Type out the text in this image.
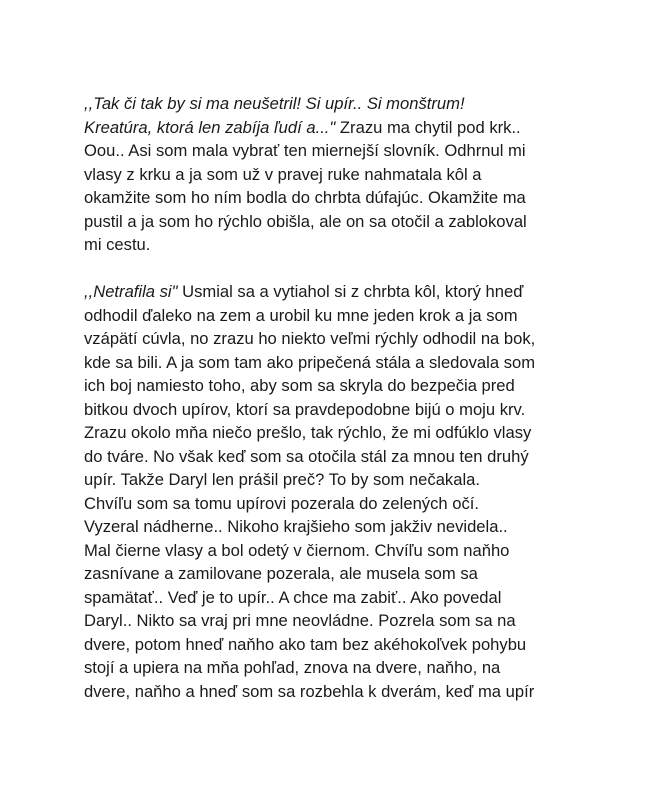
,,Tak či tak by si ma neušetril! Si upír.. Si monštrum!
Kreatúra, ktorá len zabíja ľudí a..." Zrazu ma chytil pod krk..
Oou.. Asi som mala vybrať ten miernejší slovník. Odhrnul mi
vlasy z krku a ja som už v pravej ruke nahmatala kôl a
okamžite som ho ním bodla do chrbta dúfajúc. Okamžite ma
pustil a ja som ho rýchlo obišla, ale on sa otočil a zablokoval
mi cestu.
,,Netrafila si" Usmial sa a vytiahol si z chrbta kôl, ktorý hneď
odhodil ďaleko na zem a urobil ku mne jeden krok a ja som
vzápätí cúvla, no zrazu ho niekto veľmi rýchly odhodil na bok,
kde sa bili. A ja som tam ako pripečená stála a sledovala som
ich boj namiesto toho, aby som sa skryla do bezpečia pred
bitkou dvoch upírov, ktorí sa pravdepodobne bijú o moju krv.
Zrazu okolo mňa niečo prešlo, tak rýchlo, že mi odfúklo vlasy
do tváre. No však keď som sa otočila stál za mnou ten druhý
upír. Takže Daryl len prášil preč? To by som nečakala.
Chvíľu som sa tomu upírovi pozerala do zelených očí.
Vyzeral nádherne.. Nikoho krajšieho som jakživ nevidela..
Mal čierne vlasy a bol odetý v čiernom. Chvíľu som naňho
zasnívane a zamilovane pozerala, ale musela som sa
spamätať.. Veď je to upír.. A chce ma zabiť.. Ako povedal
Daryl.. Nikto sa vraj pri mne neovládne. Pozrela som sa na
dvere, potom hneď naňho ako tam bez akéhokoľvek pohybu
stojí a upiera na mňa pohľad, znova na dvere, naňho, na
dvere, naňho a hneď som sa rozbehla k dverám, keď ma upír
